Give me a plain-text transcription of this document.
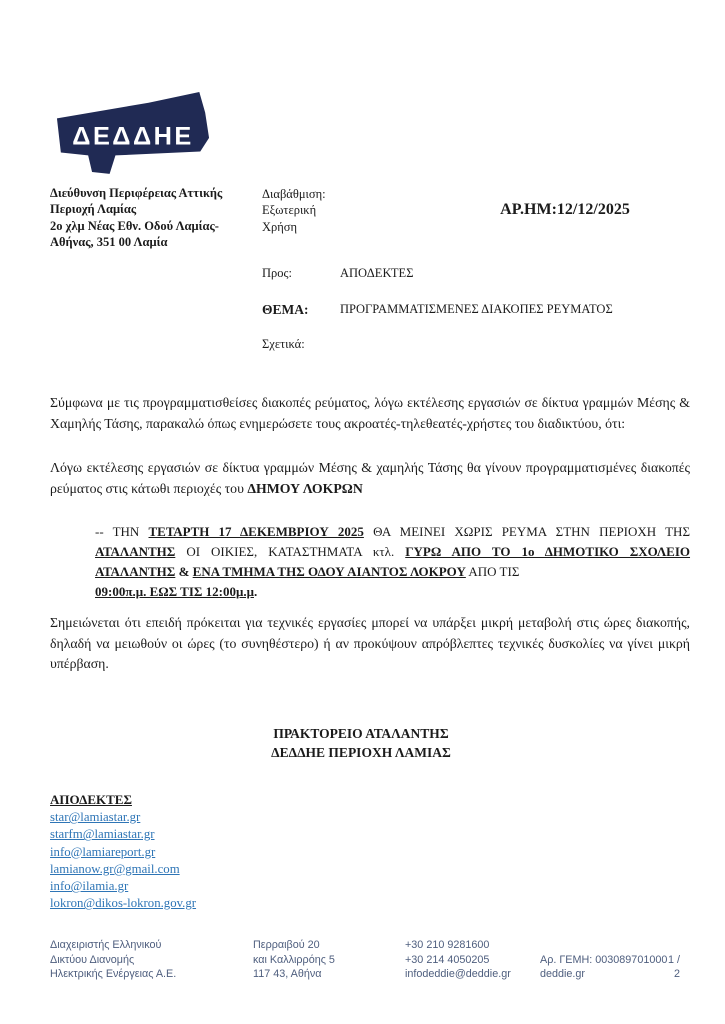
ΔΕΔΔΗΕ
Διεύθυνση Περιφέρειας Αττικής
Περιοχή Λαμίας
2ο χλμ Νέας Εθν. Οδού Λαμίας-
Αθήνας, 351 00 Λαμία
Διαβάθμιση:
Εξωτερική
Χρήση
ΑΡ.ΗΜ:12/12/2025
Προς:	ΑΠΟΔΕΚΤΕΣ
ΘΕΜΑ:	ΠΡΟΓΡΑΜΜΑΤΙΣΜΕΝΕΣ ΔΙΑΚΟΠΕΣ ΡΕΥΜΑΤΟΣ
Σχετικά:

Σύμφωνα με τις προγραμματισθείσες διακοπές ρεύματος, λόγω εκτέλεσης εργασιών σε δίκτυα γραμμών Μέσης & Χαμηλής Τάσης, παρακαλώ όπως ενημερώσετε τους ακροατές-τηλεθεατές-χρήστες του διαδικτύου, ότι:

Λόγω εκτέλεσης εργασιών σε δίκτυα γραμμών Μέσης & χαμηλής Τάσης θα γίνουν προγραμματισμένες διακοπές ρεύματος στις κάτωθι περιοχές του ΔΗΜΟΥ ΛΟΚΡΩΝ

-- ΤΗΝ ΤΕΤΑΡΤΗ 17 ΔΕΚΕΜΒΡΙΟΥ 2025 ΘΑ ΜΕΙΝΕΙ ΧΩΡΙΣ ΡΕΥΜΑ ΣΤΗΝ ΠΕΡΙΟΧΗ ΤΗΣ ΑΤΑΛΑΝΤΗΣ ΟΙ ΟΙΚΙΕΣ, ΚΑΤΑΣΤΗΜΑΤΑ κτλ. ΓΥΡΩ ΑΠΟ ΤΟ 1ο ΔΗΜΟΤΙΚΟ ΣΧΟΛΕΙΟ ΑΤΑΛΑΝΤΗΣ & ΕΝΑ ΤΜΗΜΑ ΤΗΣ ΟΔΟΥ ΑΙΑΝΤΟΣ ΛΟΚΡΟΥ ΑΠΟ ΤΙΣ
09:00π.μ. ΕΩΣ ΤΙΣ 12:00μ.μ.

Σημειώνεται ότι επειδή πρόκειται για τεχνικές εργασίες μπορεί να υπάρξει μικρή μεταβολή στις ώρες διακοπής, δηλαδή να μειωθούν οι ώρες (το συνηθέστερο) ή αν προκύψουν απρόβλεπτες τεχνικές δυσκολίες να γίνει μικρή υπέρβαση.

ΠΡΑΚΤΟΡΕΙΟ ΑΤΑΛΑΝΤΗΣ
ΔΕΔΔΗΕ ΠΕΡΙΟΧΗ ΛΑΜΙΑΣ
ΑΠΟΔΕΚΤΕΣ
star@lamiastar.gr
starfm@lamiastar.gr
info@lamiareport.gr
lamianow.gr@gmail.com
info@ilamia.gr
lokron@dikos-lokron.gov.gr
Διαχειριστής Ελληνικού
Δικτύου Διανομής
Ηλεκτρικής Ενέργειας Α.Ε.
Περραιβού 20
και Καλλιρρόης 5
117 43, Αθήνα
+30 210 9281600
+30 214 4050205
infodeddie@deddie.gr
Αρ. ΓΕΜΗ: 003089701000
deddie.gr
1 /
2
